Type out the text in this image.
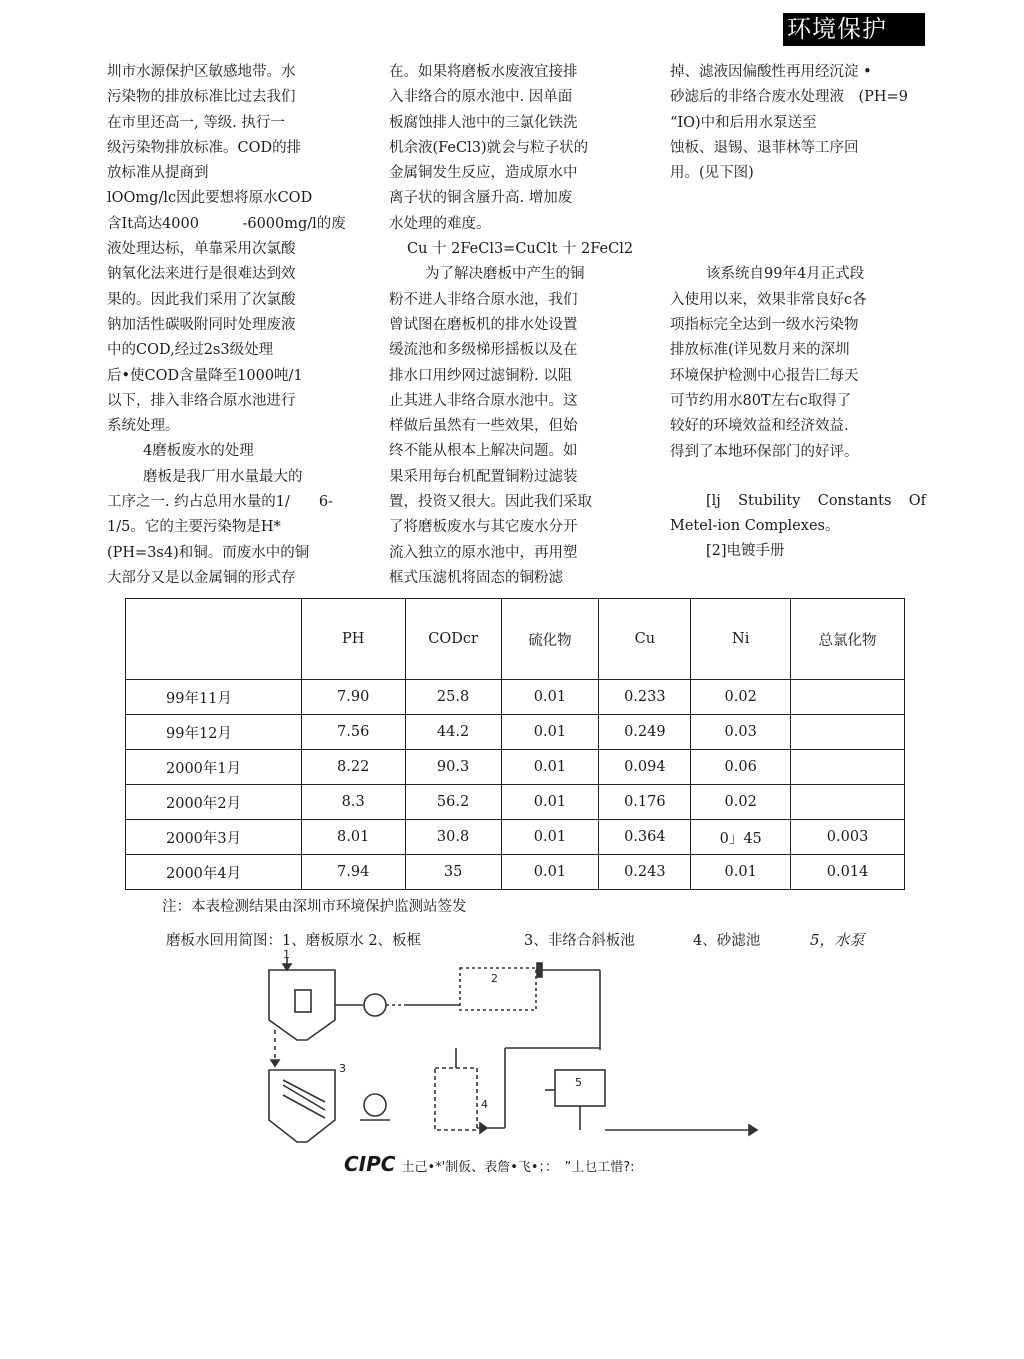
环境保护
圳市水源保护区敏感地带。水
污染物的排放标准比过去我们
在市里还高一, 等级. 执行一
级污染物排放标准。COD的排
放标准从提商到
lOOmg/lc因此要想将原水COD
含It高达4000　　　-6000mg/l的废
液处理达标，单靠采用次氯酸
钠氧化法来进行是很难达到效
果的。因此我们采用了次氯酸
钠加活性碳吸附同时处理废液
中的COD,经过2s3级处理
后•使COD含量降至1000吨/1
以下，排入非络合原水池进行
系统处理。
4磨板废水的处理
磨板是我厂用水量最大的
工序之一. 约占总用水量的1/　　6-
1/5。它的主要污染物是H*
(PH=3s4)和铜。而废水中的铜
大部分又是以金属铜的形式存
在。如果将磨板水废液宜接排
入非络合的原水池中. 因单面
板腐蚀排人池中的三氯化铁洗
机余液(FeCl3)就会与粒子状的
金属铜发生反应，造成原水中
离子状的铜含蜃升高. 增加废
水处理的难度。
Cu 十 2FeCl3=CuClt 十 2FeCl2
为了解决磨板中产生的铜
粉不进人非络合原水池，我们
曾试图在磨板机的排水处设置
缓流池和多级梯形揺板以及在
排水口用纱网过滤铜粉. 以阻
止其进人非络合原水池中。这
样做后虽然有一些效果，但始
终不能从根本上解决问题。如
果采用毎台机配置铜粉过滤装
置，投资又很大。因此我们采取
了将磨板废水与其它废水分开
流入独立的原水池中，再用塑
框式压滤机将固态的铜粉滤
掉、滤液因偏酸性再用经沉淀 •
砂滤后的非络合废水处理液　(PH=9
“IO)中和后用水泵送至
蚀板、退锡、退菲林等工序回
用。(见下图)
该系统自99年4月正式段
入使用以来，效果非常良好c各
项指标完全达到一级水污染物
排放标准(详见数月来的深圳
环境保护检测中心报告匚每天
可节约用水80T左右c取得了
较好的环境效益和经济效益.
得到了本地环保部门的好评。
[lj Stubility Constants Of
Metel-ion Complexes。
[2]电镀手册
	PH	CODcr	硫化物	Cu	Ni	总氯化物
99年11月	7.90	25.8	0.01	0.233	0.02	
99年12月	7.56	44.2	0.01	0.249	0.03	
2000年1月	8.22	90.3	0.01	0.094	0.06	
2000年2月	8.3	56.2	0.01	0.176	0.02	
2000年3月	8.01	30.8	0.01	0.364	0」45	0.003
2000年4月	7.94	35	0.01	0.243	0.01	0.014
注：本表检测结果由深圳市环境保护监测站签发
磨板水回用简图：1、磨板原水 2、板框	3、非络合斜板池	4、砂滤池	5，水泵
1
2
3
4
5
CIPC 土己•*'制仮、表詹•飞•；：　”丄乜工惜?:
